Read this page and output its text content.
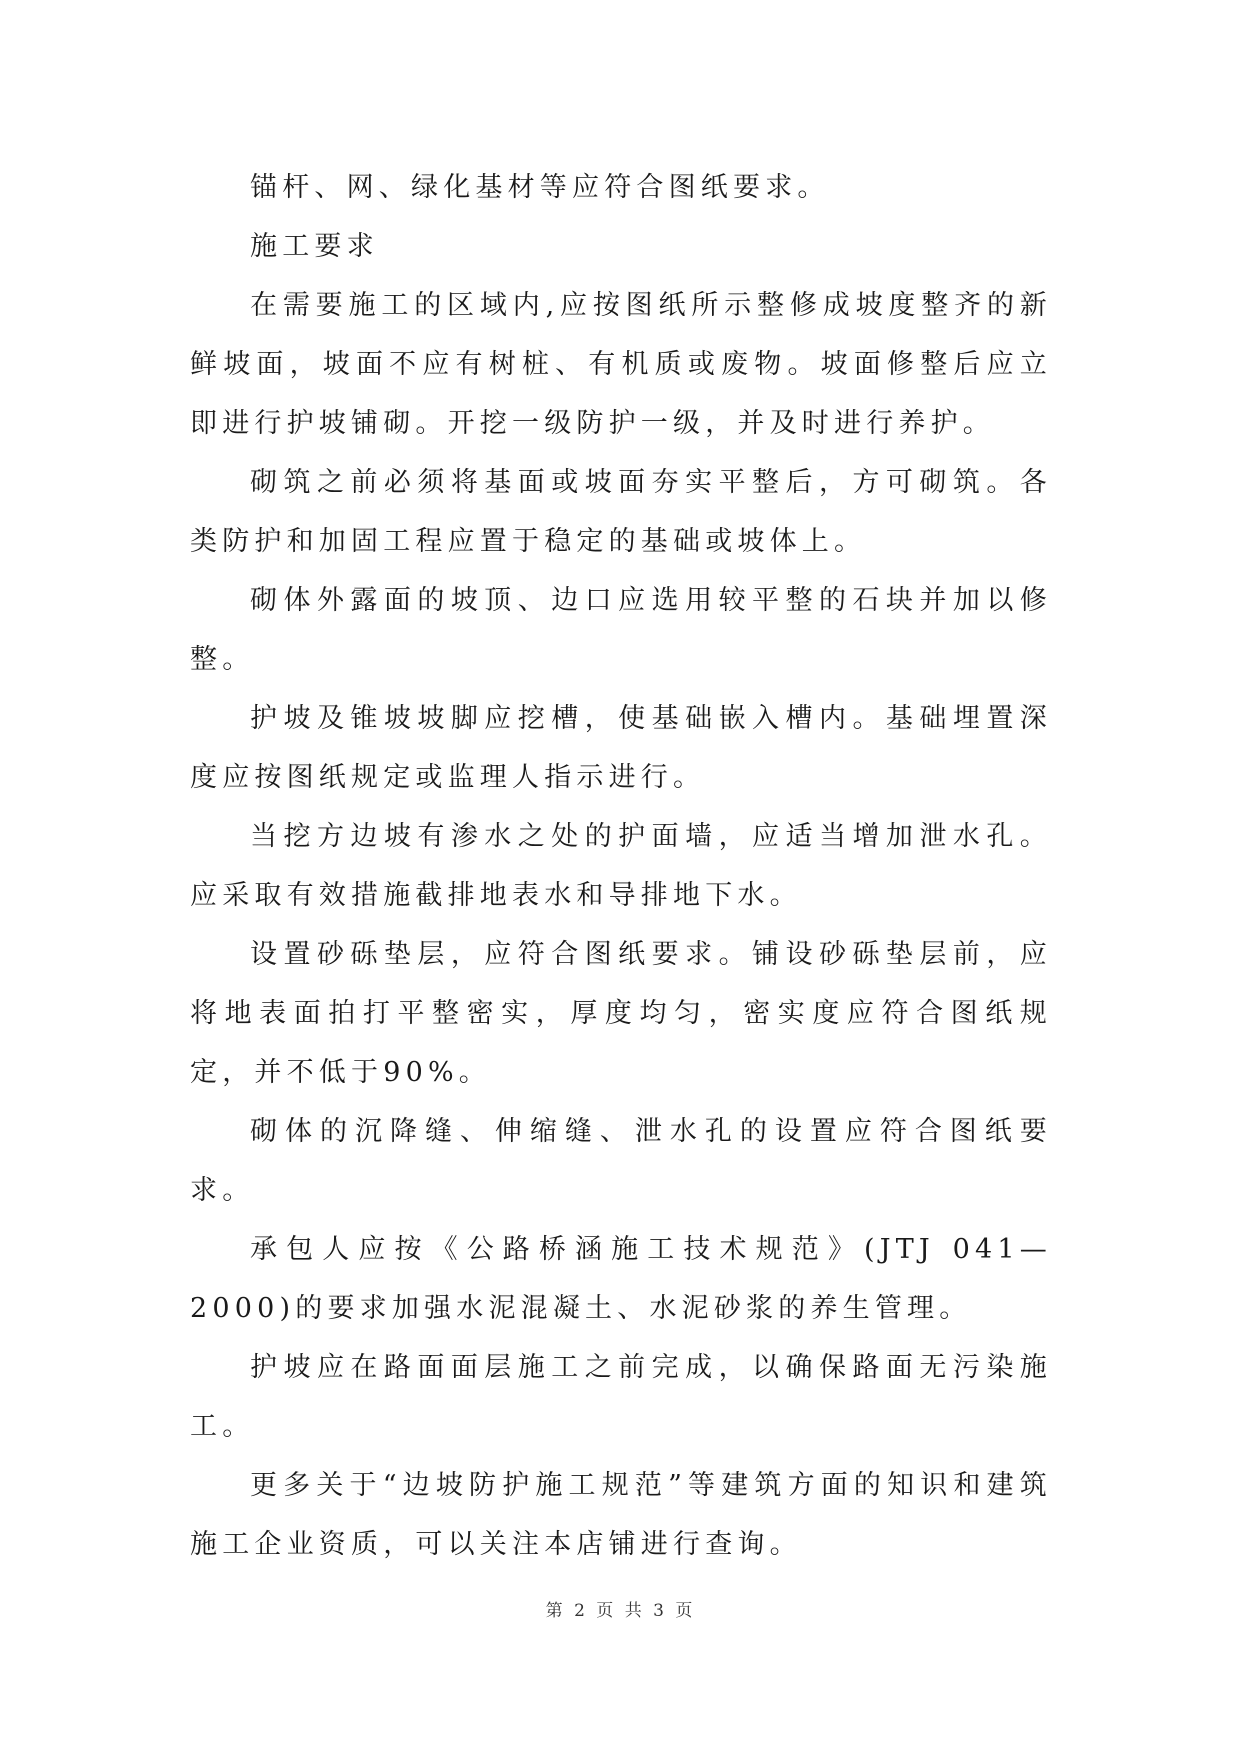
锚杆、网、绿化基材等应符合图纸要求。

施工要求

在需要施工的区域内,应按图纸所示整修成坡度整齐的新鲜坡面，坡面不应有树桩、有机质或废物。坡面修整后应立即进行护坡铺砌。开挖一级防护一级，并及时进行养护。

砌筑之前必须将基面或坡面夯实平整后，方可砌筑。各类防护和加固工程应置于稳定的基础或坡体上。

砌体外露面的坡顶、边口应选用较平整的石块并加以修整。

护坡及锥坡坡脚应挖槽，使基础嵌入槽内。基础埋置深度应按图纸规定或监理人指示进行。

当挖方边坡有渗水之处的护面墙，应适当增加泄水孔。应采取有效措施截排地表水和导排地下水。

设置砂砾垫层，应符合图纸要求。铺设砂砾垫层前，应将地表面拍打平整密实，厚度均匀，密实度应符合图纸规定，并不低于90%。

砌体的沉降缝、伸缩缝、泄水孔的设置应符合图纸要求。

承包人应按《公路桥涵施工技术规范》(JTJ 041—2000)的要求加强水泥混凝土、水泥砂浆的养生管理。

护坡应在路面面层施工之前完成，以确保路面无污染施工。

更多关于“边坡防护施工规范”等建筑方面的知识和建筑施工企业资质，可以关注本店铺进行查询。

第 2 页 共 3 页
